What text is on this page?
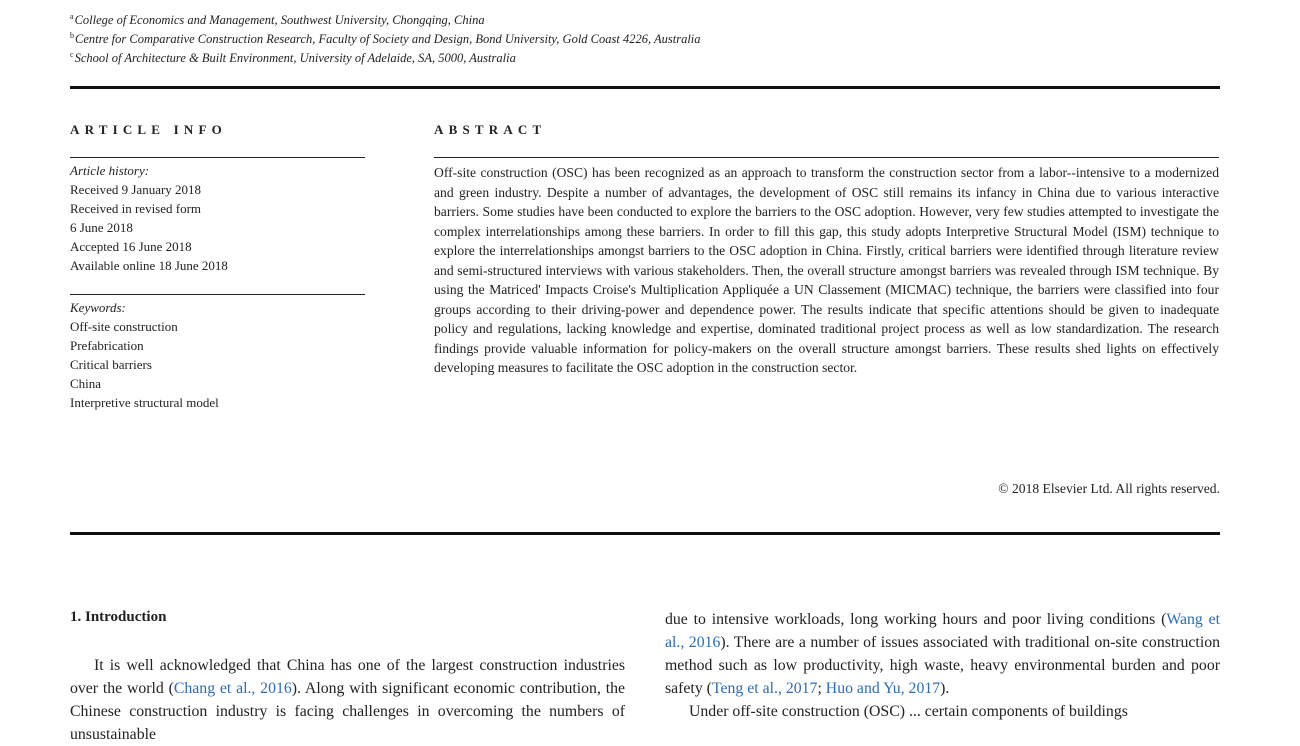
$^a$College of Economics and Management, Southwest University, Chongqing, China
$^b$Centre for Comparative Construction Research, Faculty of Society and Design, Bond University, Gold Coast 4226, Australia
$^c$School of Architecture & Built Environment, University of Adelaide, SA, 5000, Australia
ARTICLE INFO
Article history:
Received 9 January 2018
Received in revised form
6 June 2018
Accepted 16 June 2018
Available online 18 June 2018
Keywords:
Off-site construction
Prefabrication
Critical barriers
China
Interpretive structural model
ABSTRACT

Off-site construction (OSC) has been recognized as an approach to transform the construction sector from a labor--intensive to a modernized and green industry. Despite a number of advantages, the development of OSC still remains its infancy in China due to various interactive barriers. Some studies have been conducted to explore the barriers to the OSC adoption. However, very few studies attempted to investigate the complex interrelationships among these barriers. In order to fill this gap, this study adopts Interpretive Structural Model (ISM) technique to explore the interrelationships amongst barriers to the OSC adoption in China. Firstly, critical barriers were identified through literature review and semi-structured interviews with various stakeholders. Then, the overall structure amongst barriers was revealed through ISM technique. By using the Matriced' Impacts Croise's Multiplication Appliquée a UN Classement (MICMAC) technique, the barriers were classified into four groups according to their driving-power and dependence power. The results indicate that specific attentions should be given to inadequate policy and regulations, lacking knowledge and expertise, dominated traditional project process as well as low standardization. The research findings provide valuable information for policy-makers on the overall structure amongst barriers. These results shed lights on effectively developing measures to facilitate the OSC adoption in the construction sector.

© 2018 Elsevier Ltd. All rights reserved.
1. Introduction

It is well acknowledged that China has one of the largest construction industries over the world (Chang et al., 2016). Along with significant economic contribution, the Chinese construction industry is facing challenges in overcoming the numbers of unsustainable

due to intensive workloads, long working hours and poor living conditions (Wang et al., 2016). There are a number of issues associated with traditional on-site construction method such as low productivity, high waste, heavy environmental burden and poor safety (Teng et al., 2017; Huo and Yu, 2017).
Under off-site construction (OSC) ... certain components of buildings
